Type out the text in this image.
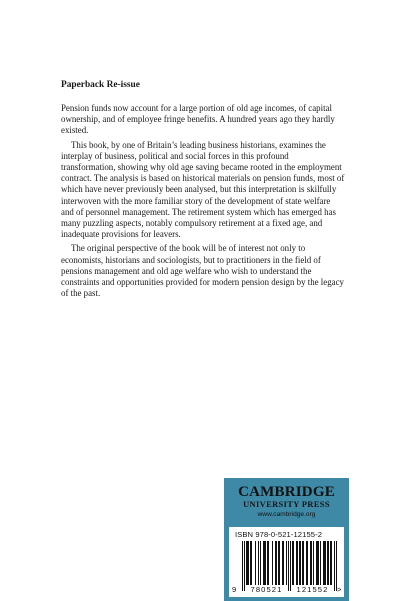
Paperback Re-issue

Pension funds now account for a large portion of old age incomes, of capital ownership, and of employee fringe benefits. A hundred years ago they hardly existed.

This book, by one of Britain’s leading business historians, examines the interplay of business, political and social forces in this profound transformation, showing why old age saving became rooted in the employment contract. The analysis is based on historical materials on pension funds, most of which have never previously been analysed, but this interpretation is skilfully interwoven with the more familiar story of the development of state welfare and of personnel management. The retirement system which has emerged has many puzzling aspects, notably compulsory retirement at a fixed age, and inadequate provisions for leavers.

The original perspective of the book will be of interest not only to economists, historians and sociologists, but to practitioners in the field of pensions management and old age welfare who wish to understand the constraints and opportunities provided for modern pension design by the legacy of the past.

CAMBRIDGE
UNIVERSITY PRESS
www.cambridge.org
ISBN 978-0-521-12155-2
9	780521	121552	>
